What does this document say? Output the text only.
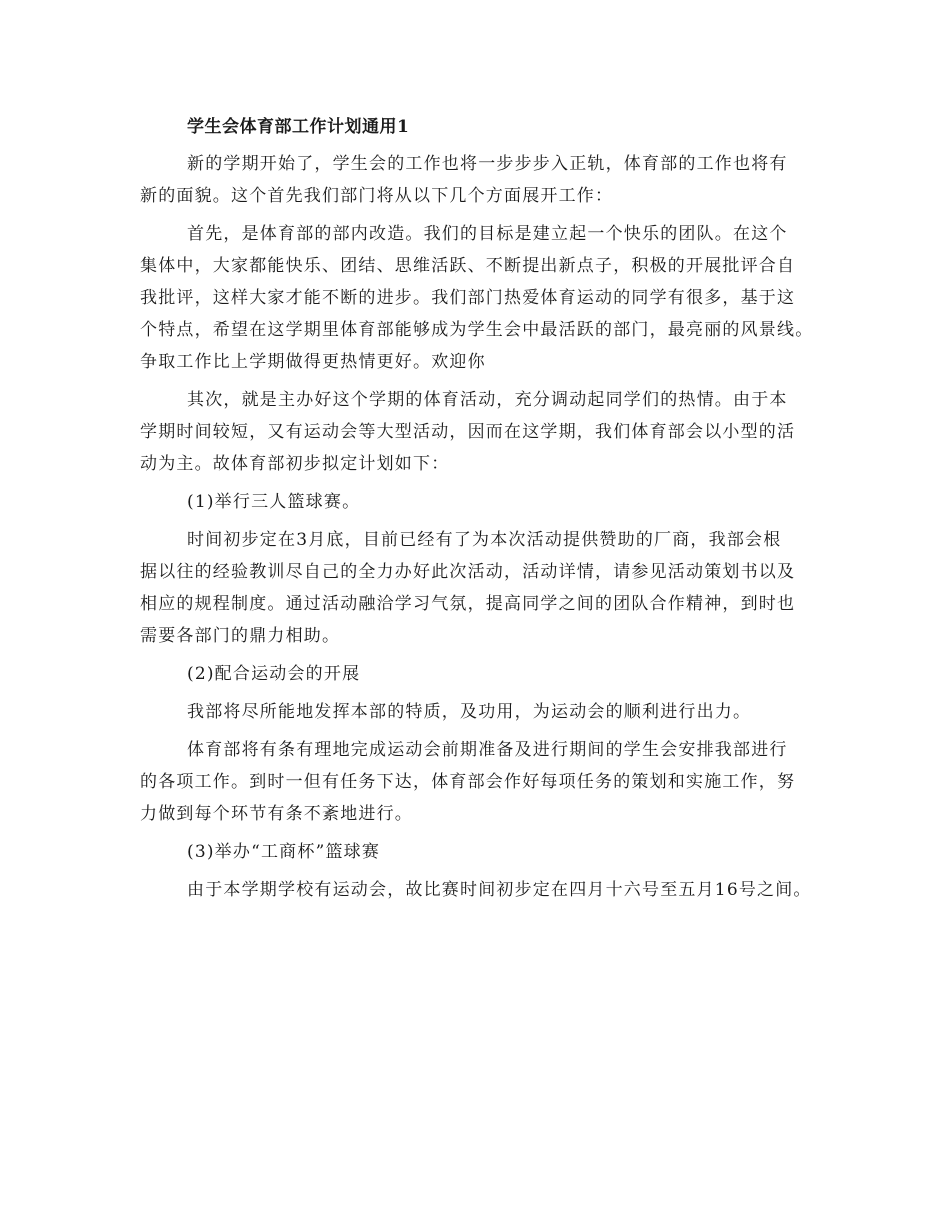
学生会体育部工作计划通用1
新的学期开始了，学生会的工作也将一步步步入正轨，体育部的工作也将有
新的面貌。这个首先我们部门将从以下几个方面展开工作：
首先，是体育部的部内改造。我们的目标是建立起一个快乐的团队。在这个
集体中，大家都能快乐、团结、思维活跃、不断提出新点子，积极的开展批评合自
我批评，这样大家才能不断的进步。我们部门热爱体育运动的同学有很多，基于这
个特点，希望在这学期里体育部能够成为学生会中最活跃的部门，最亮丽的风景线。
争取工作比上学期做得更热情更好。欢迎你
其次，就是主办好这个学期的体育活动，充分调动起同学们的热情。由于本
学期时间较短，又有运动会等大型活动，因而在这学期，我们体育部会以小型的活
动为主。故体育部初步拟定计划如下：
(1)举行三人篮球赛。
时间初步定在3月底，目前已经有了为本次活动提供赞助的厂商，我部会根
据以往的经验教训尽自己的全力办好此次活动，活动详情，请参见活动策划书以及
相应的规程制度。通过活动融洽学习气氛，提高同学之间的团队合作精神，到时也
需要各部门的鼎力相助。
(2)配合运动会的开展
我部将尽所能地发挥本部的特质，及功用，为运动会的顺利进行出力。
体育部将有条有理地完成运动会前期准备及进行期间的学生会安排我部进行
的各项工作。到时一但有任务下达，体育部会作好每项任务的策划和实施工作，努
力做到每个环节有条不紊地进行。
(3)举办“工商杯”篮球赛
由于本学期学校有运动会，故比赛时间初步定在四月十六号至五月16号之间。
